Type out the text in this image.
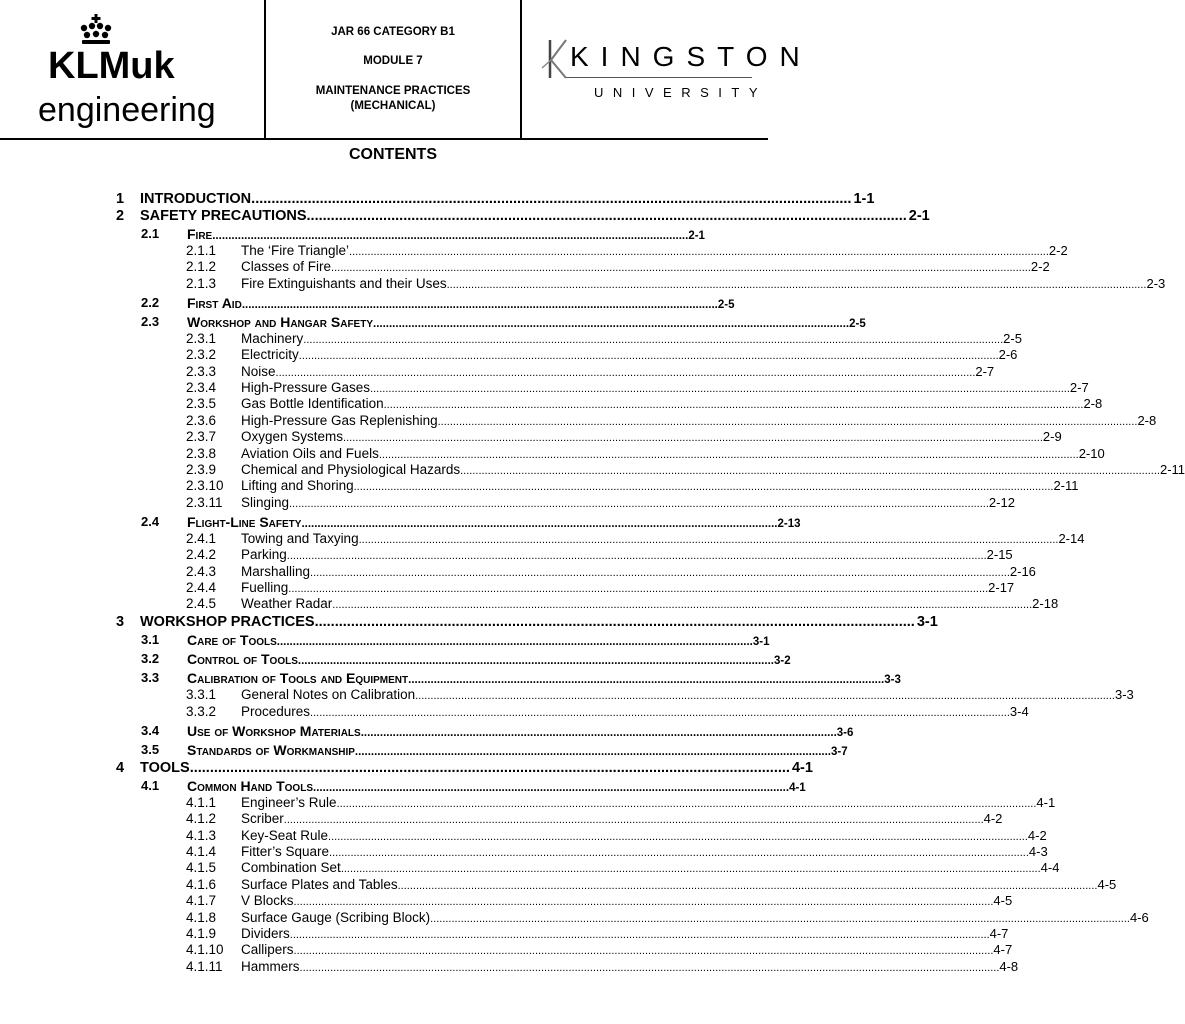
KLMuk
engineering
JAR 66 CATEGORY B1
MODULE 7
MAINTENANCE PRACTICES
(MECHANICAL)
KINGSTON
UNIVERSITY
CONTENTS
1 INTRODUCTION .....	1-1
2 SAFETY PRECAUTIONS .....	2-1
2.1 Fire .....	2-1
2.1.1 The ‘Fire Triangle’ .....	2-2
2.1.2 Classes of Fire .....	2-2
2.1.3 Fire Extinguishants and their Uses .....	2-3
2.2 First Aid .....	2-5
2.3 Workshop and Hangar Safety .....	2-5
2.3.1 Machinery .....	2-5
2.3.2 Electricity .....	2-6
2.3.3 Noise .....	2-7
2.3.4 High-Pressure Gases .....	2-7
2.3.5 Gas Bottle Identification .....	2-8
2.3.6 High-Pressure Gas Replenishing .....	2-8
2.3.7 Oxygen Systems .....	2-9
2.3.8 Aviation Oils and Fuels .....	2-10
2.3.9 Chemical and Physiological Hazards .....	2-11
2.3.10 Lifting and Shoring .....	2-11
2.3.11 Slinging .....	2-12
2.4 Flight-Line Safety .....	2-13
2.4.1 Towing and Taxying .....	2-14
2.4.2 Parking .....	2-15
2.4.3 Marshalling .....	2-16
2.4.4 Fuelling .....	2-17
2.4.5 Weather Radar .....	2-18
3 WORKSHOP PRACTICES .....	3-1
3.1 Care of Tools .....	3-1
3.2 Control of Tools .....	3-2
3.3 Calibration of Tools and Equipment .....	3-3
3.3.1 General Notes on Calibration .....	3-3
3.3.2 Procedures .....	3-4
3.4 Use of Workshop Materials .....	3-6
3.5 Standards of Workmanship .....	3-7
4 TOOLS .....	4-1
4.1 Common Hand Tools .....	4-1
4.1.1 Engineer’s Rule .....	4-1
4.1.2 Scriber .....	4-2
4.1.3 Key-Seat Rule .....	4-2
4.1.4 Fitter’s Square .....	4-3
4.1.5 Combination Set .....	4-4
4.1.6 Surface Plates and Tables .....	4-5
4.1.7 V Blocks .....	4-5
4.1.8 Surface Gauge (Scribing Block) .....	4-6
4.1.9 Dividers .....	4-7
4.1.10 Callipers .....	4-7
4.1.11 Hammers .....	4-8
